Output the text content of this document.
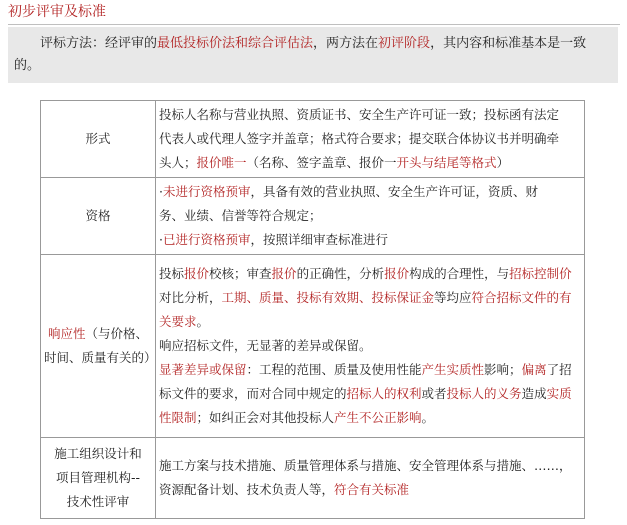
初步评审及标准
评标方法：经评审的最低投标价法和综合评估法，两方法在初评阶段，其内容和标准基本是一致的。
形式	投标人名称与营业执照、资质证书、安全生产许可证一致；投标函有法定
代表人或代理人签字并盖章；格式符合要求；提交联合体协议书并明确牵
头人；报价唯一（名称、签字盖章、报价一开头与结尾等格式）

资格	·未进行资格预审，具备有效的营业执照、安全生产许可证，资质、财
务、业绩、信誉等符合规定；
·已进行资格预审，按照详细审查标准进行

响应性（与价格、时间、质量有关的）	投标报价校核；审查报价的正确性，分析报价构成的合理性，与招标控制价对比分析，工期、质量、投标有效期、投标保证金等均应符合招标文件的有关要求。
响应招标文件，无显著的差异或保留。
显著差异或保留：工程的范围、质量及使用性能产生实质性影响；偏离了招标文件的要求，而对合同中规定的招标人的权利或者投标人的义务造成实质性限制；如纠正会对其他投标人产生不公正影响。

施工组织设计和
项目管理机构--
技术性评审	施工方案与技术措施、质量管理体系与措施、安全管理体系与措施、……，
资源配备计划、技术负责人等，符合有关标准
